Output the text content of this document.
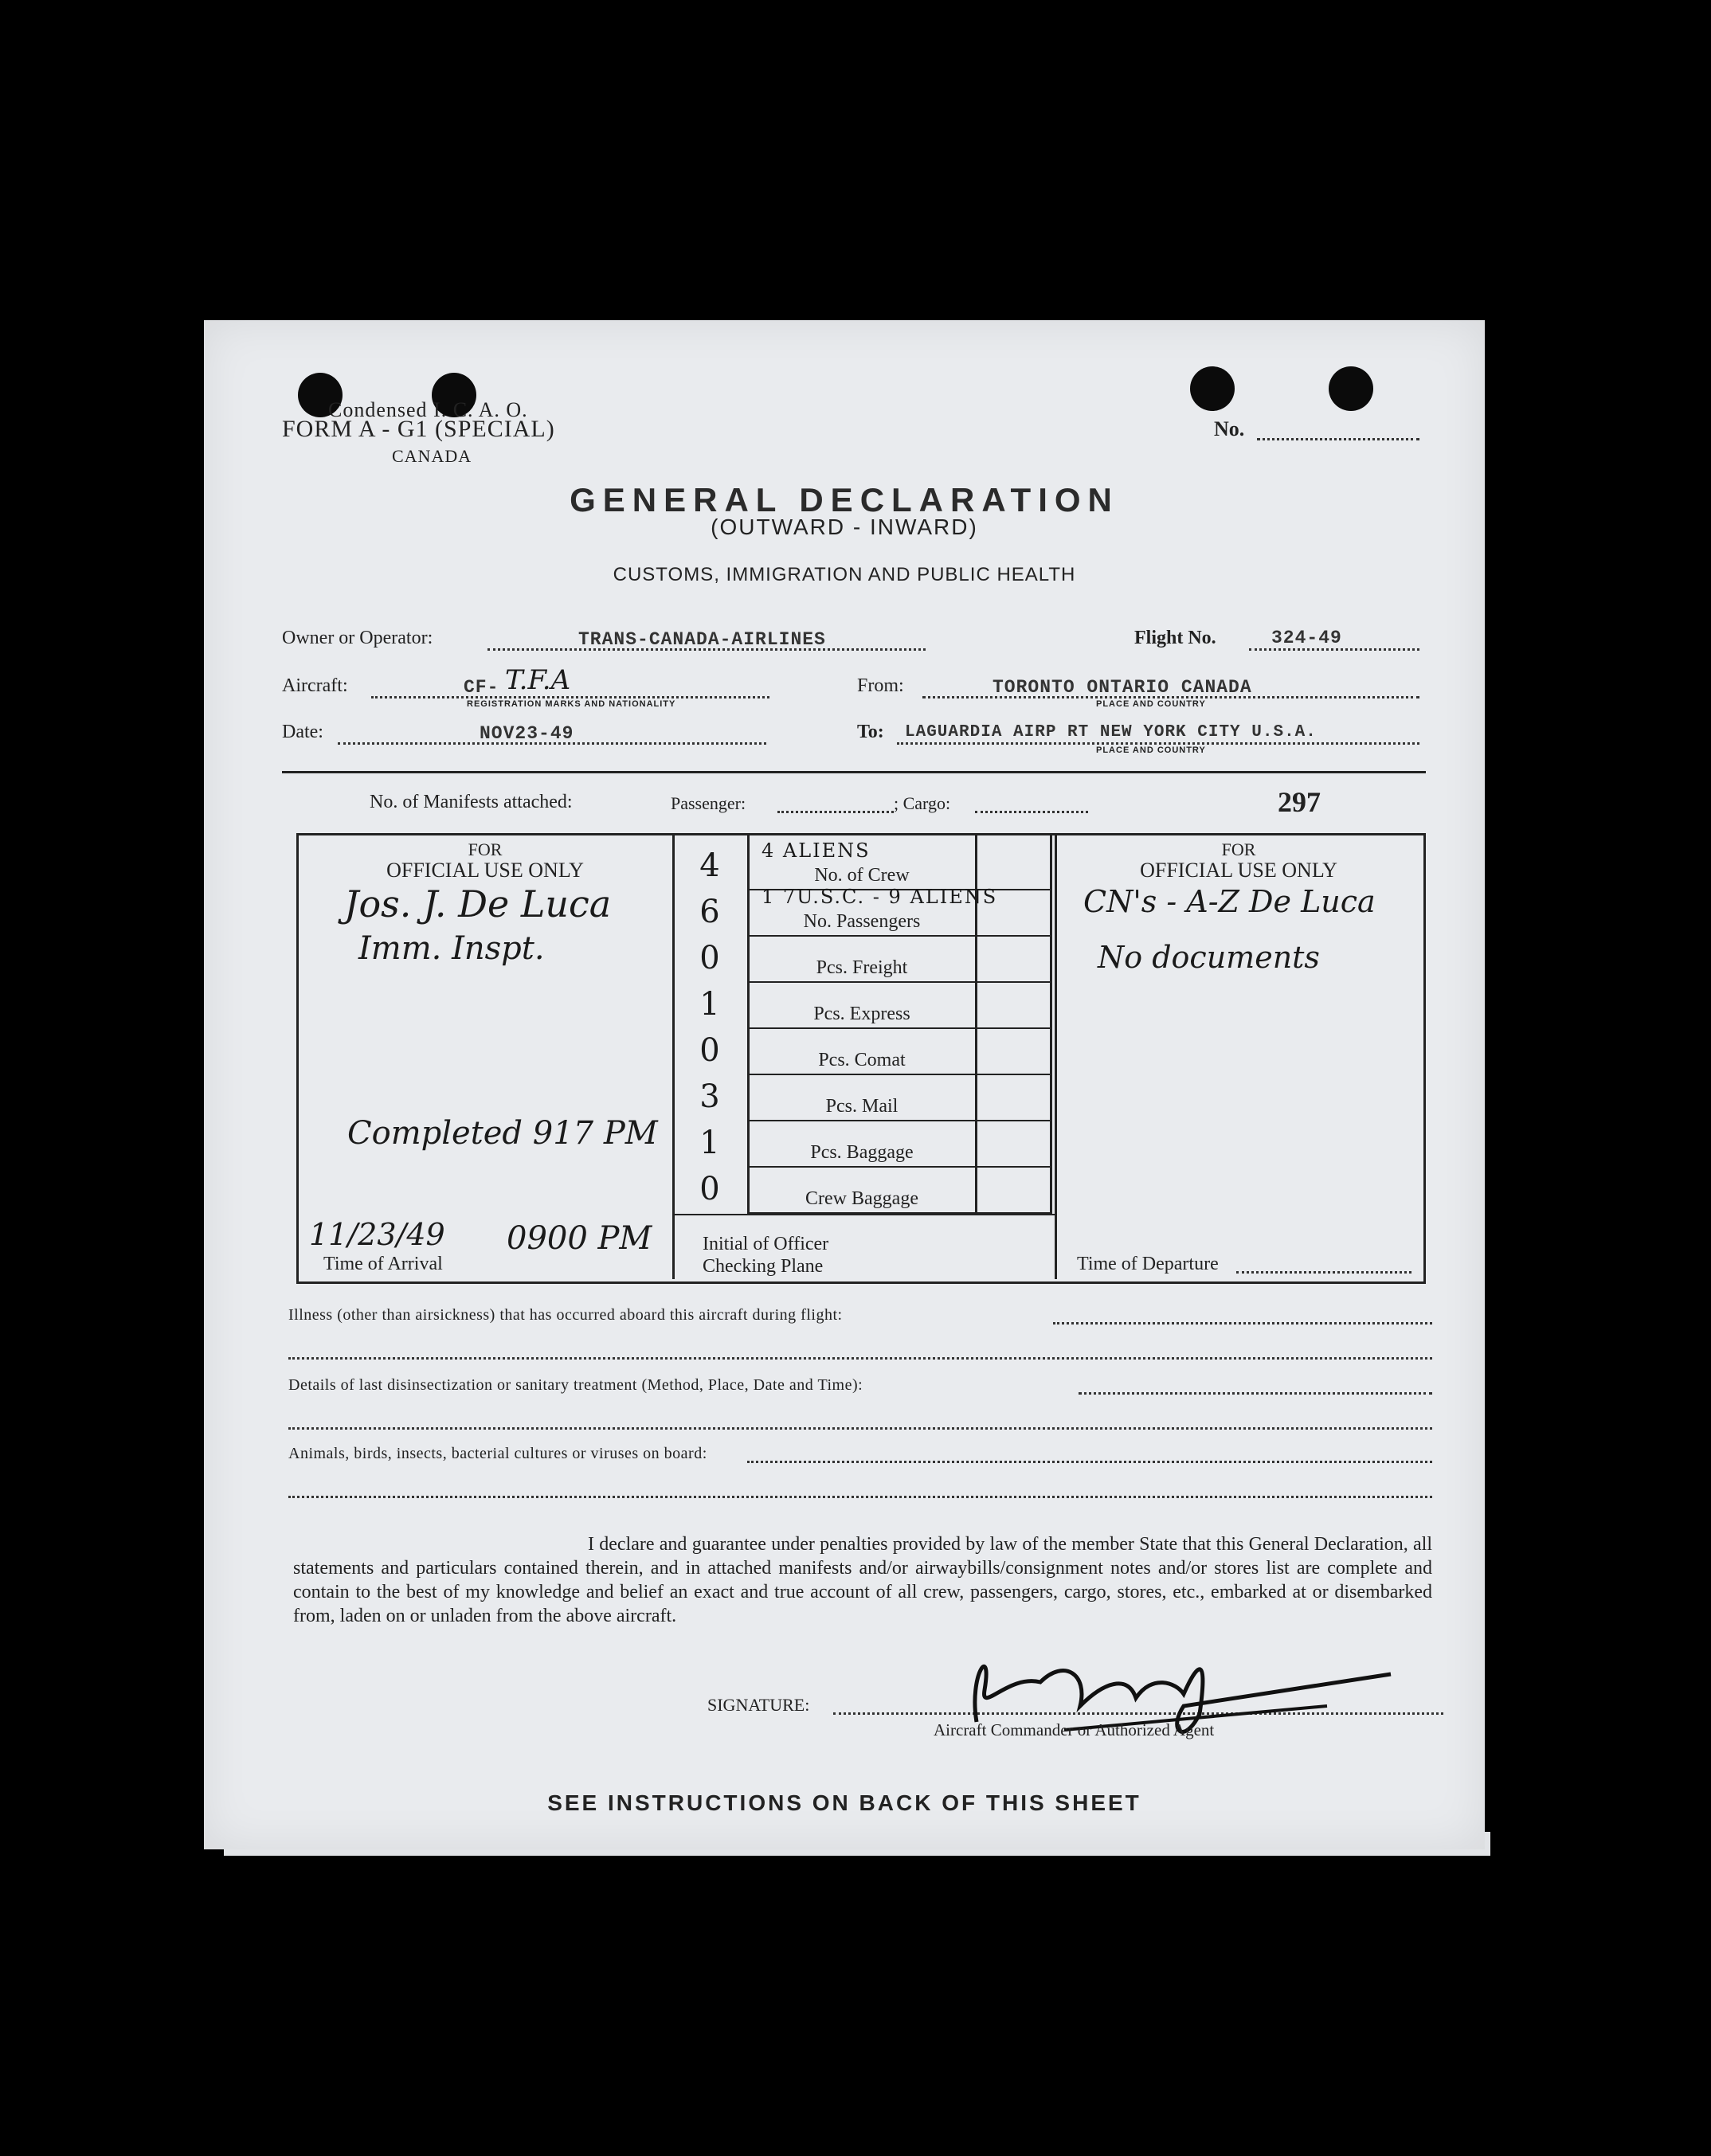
Condensed I. C. A. O.
FORM A - G1 (SPECIAL)
CANADA
No.
GENERAL DECLARATION
(OUTWARD - INWARD)
CUSTOMS, IMMIGRATION AND PUBLIC HEALTH
Owner or Operator:	TRANS-CANADA-AIRLINES	Flight No.	324-49
Aircraft:	CF- T.F.A
REGISTRATION MARKS AND NATIONALITY
From:	TORONTO ONTARIO CANADA
PLACE AND COUNTRY
Date:	NOV23-49	To: LAGUARDIA AIRP RT NEW YORK CITY U.S.A.
PLACE AND COUNTRY
No. of Manifests attached:	Passenger:	; Cargo:	297
FOR
OFFICIAL USE ONLY
Jos. J. De Luca
Imm. Inspt.
Completed 917 PM
11/23/49 0900 PM
Time of Arrival
4	No. of Crew
4 ALIENS
6	No. Passengers
1 7U.S.C. - 9 ALIENS
0	Pcs. Freight
1	Pcs. Express
0	Pcs. Comat
3	Pcs. Mail
1	Pcs. Baggage
0	Crew Baggage
Initial of Officer
Checking Plane
FOR
OFFICIAL USE ONLY
CN's - A-Z De Luca
No documents
Time of Departure
Illness (other than airsickness) that has occurred aboard this aircraft during flight:
Details of last disinsectization or sanitary treatment (Method, Place, Date and Time):
Animals, birds, insects, bacterial cultures or viruses on board:
I declare and guarantee under penalties provided by law of the member State that this General Declaration, all statements and particulars contained therein, and in attached manifests and/or airwaybills/consignment notes and/or stores list are complete and contain to the best of my knowledge and belief an exact and true account of all crew, passengers, cargo, stores, etc., embarked at or disembarked from, laden on or unladen from the above aircraft.
SIGNATURE:
Aircraft Commander or Authorized Agent
SEE INSTRUCTIONS ON BACK OF THIS SHEET
